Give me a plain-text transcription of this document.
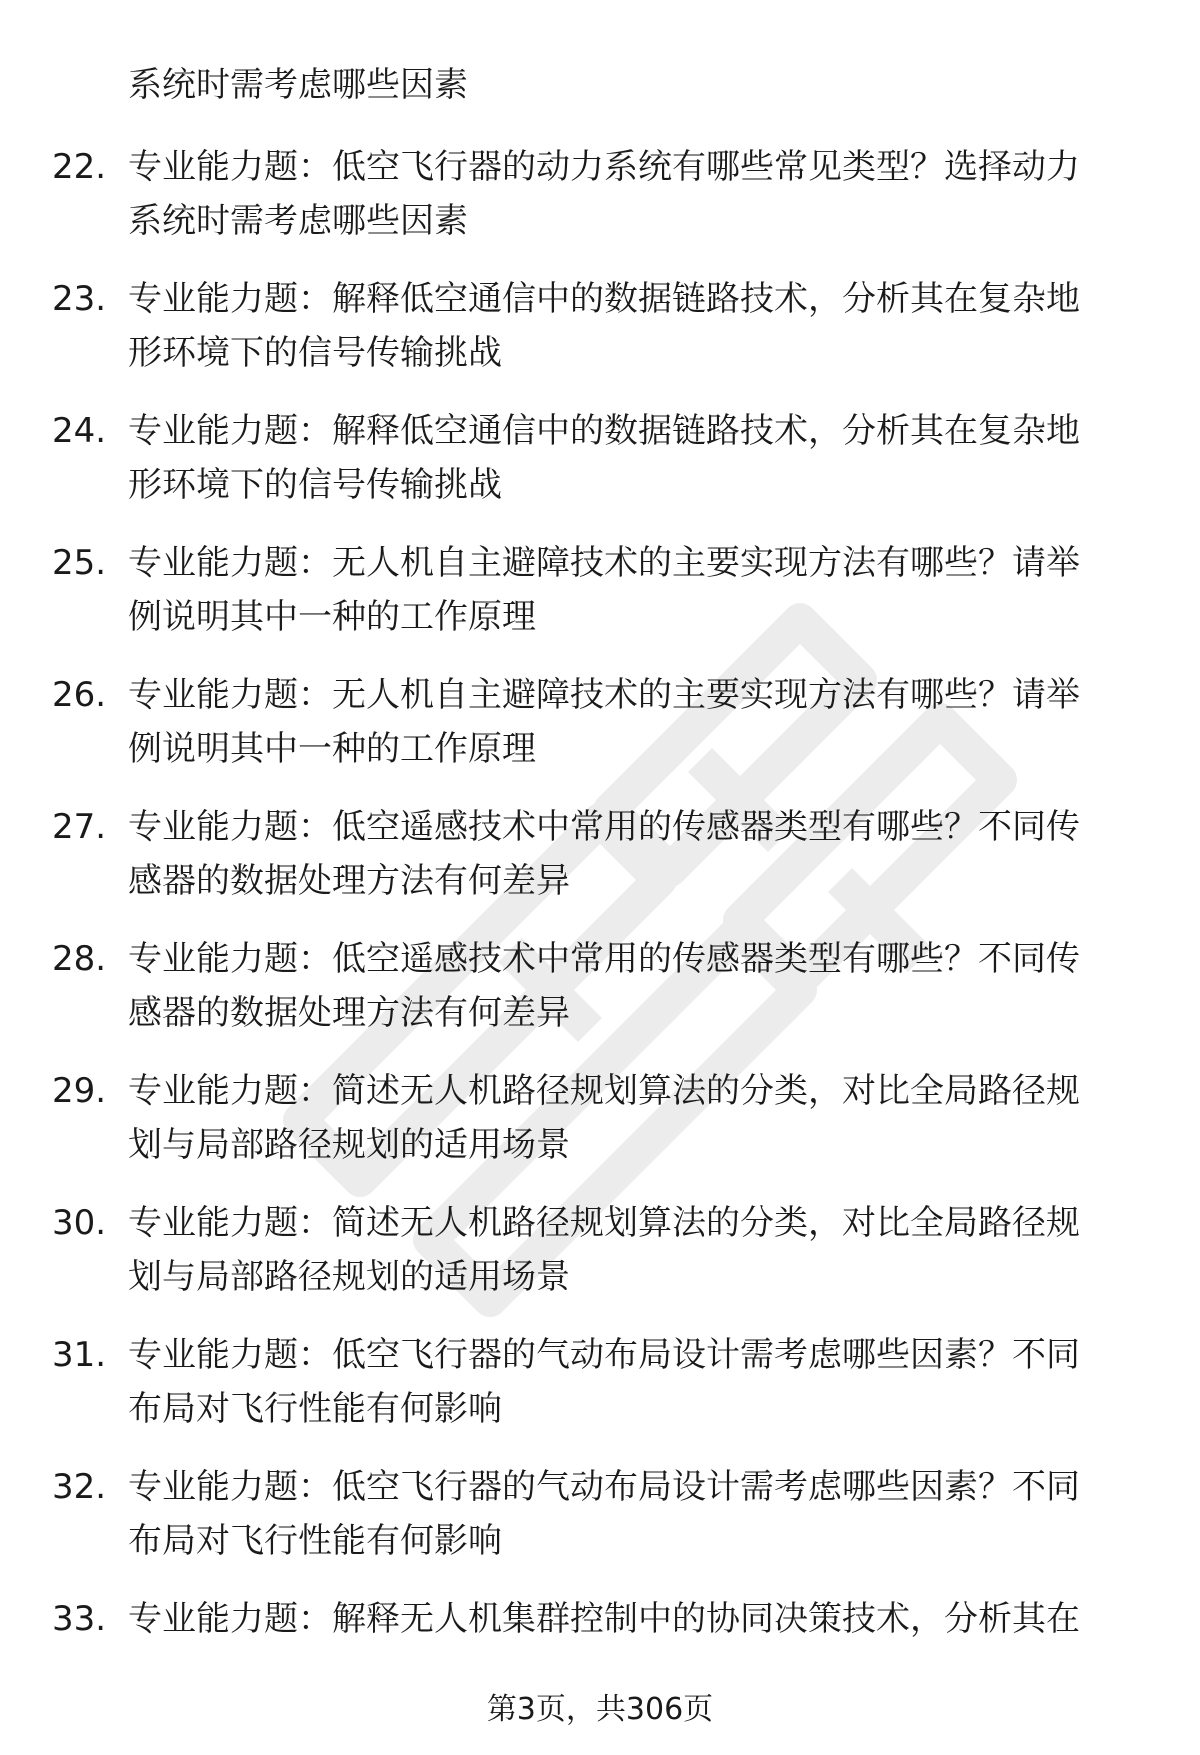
系统时需考虑哪些因素
22. 专业能力题：低空飞行器的动力系统有哪些常见类型？选择动力
系统时需考虑哪些因素
23. 专业能力题：解释低空通信中的数据链路技术，分析其在复杂地
形环境下的信号传输挑战
24. 专业能力题：解释低空通信中的数据链路技术，分析其在复杂地
形环境下的信号传输挑战
25. 专业能力题：无人机自主避障技术的主要实现方法有哪些？请举
例说明其中一种的工作原理
26. 专业能力题：无人机自主避障技术的主要实现方法有哪些？请举
例说明其中一种的工作原理
27. 专业能力题：低空遥感技术中常用的传感器类型有哪些？不同传
感器的数据处理方法有何差异
28. 专业能力题：低空遥感技术中常用的传感器类型有哪些？不同传
感器的数据处理方法有何差异
29. 专业能力题：简述无人机路径规划算法的分类，对比全局路径规
划与局部路径规划的适用场景
30. 专业能力题：简述无人机路径规划算法的分类，对比全局路径规
划与局部路径规划的适用场景
31. 专业能力题：低空飞行器的气动布局设计需考虑哪些因素？不同
布局对飞行性能有何影响
32. 专业能力题：低空飞行器的气动布局设计需考虑哪些因素？不同
布局对飞行性能有何影响
33. 专业能力题：解释无人机集群控制中的协同决策技术，分析其在
第3页，共306页
